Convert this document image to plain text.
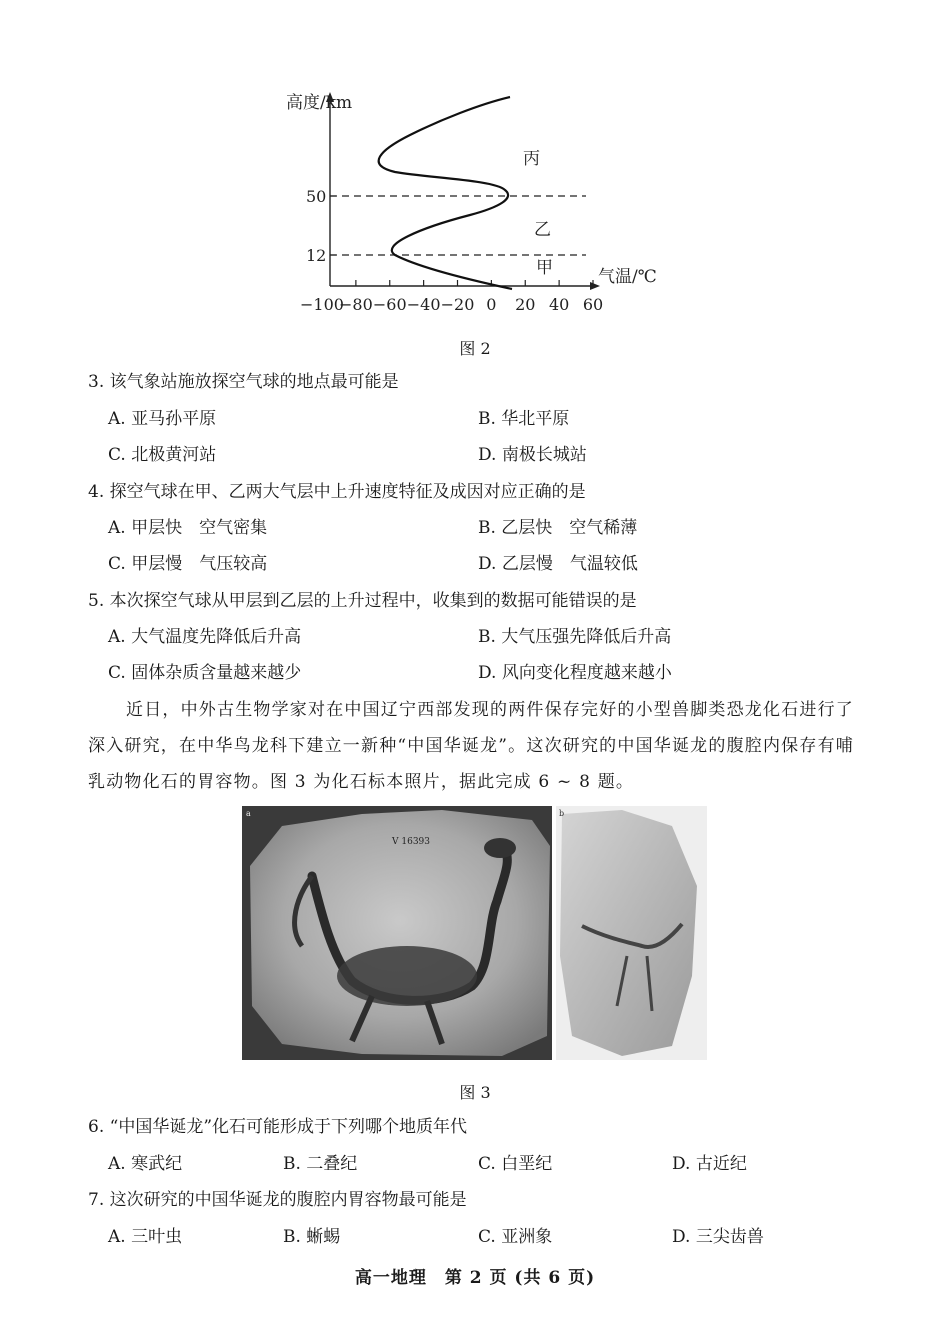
高度/km
气温/℃
50
12
丙
乙
甲
−100
−80 −60 −40 −20 0 20 40 60
图 2
3. 该气象站施放探空气球的地点最可能是
A. 亚马孙平原	B. 华北平原
C. 北极黄河站	D. 南极长城站
4. 探空气球在甲、乙两大气层中上升速度特征及成因对应正确的是
A. 甲层快　空气密集	B. 乙层快　空气稀薄
C. 甲层慢　气压较高	D. 乙层慢　气温较低
5. 本次探空气球从甲层到乙层的上升过程中，收集到的数据可能错误的是
A. 大气温度先降低后升高	B. 大气压强先降低后升高
C. 固体杂质含量越来越少	D. 风向变化程度越来越小
近日，中外古生物学家对在中国辽宁西部发现的两件保存完好的小型兽脚类恐龙化石进行了深入研究，在中华鸟龙科下建立一新种“中国华诞龙”。这次研究的中国华诞龙的腹腔内保存有哺乳动物化石的胃容物。图 3 为化石标本照片，据此完成 6 ~ 8 题。
a
V 16393
b
图 3
6. “中国华诞龙”化石可能形成于下列哪个地质年代
A. 寒武纪	B. 二叠纪	C. 白垩纪	D. 古近纪
7. 这次研究的中国华诞龙的腹腔内胃容物最可能是
A. 三叶虫	B. 蜥蜴	C. 亚洲象	D. 三尖齿兽
高一地理　第 2 页 (共 6 页)
